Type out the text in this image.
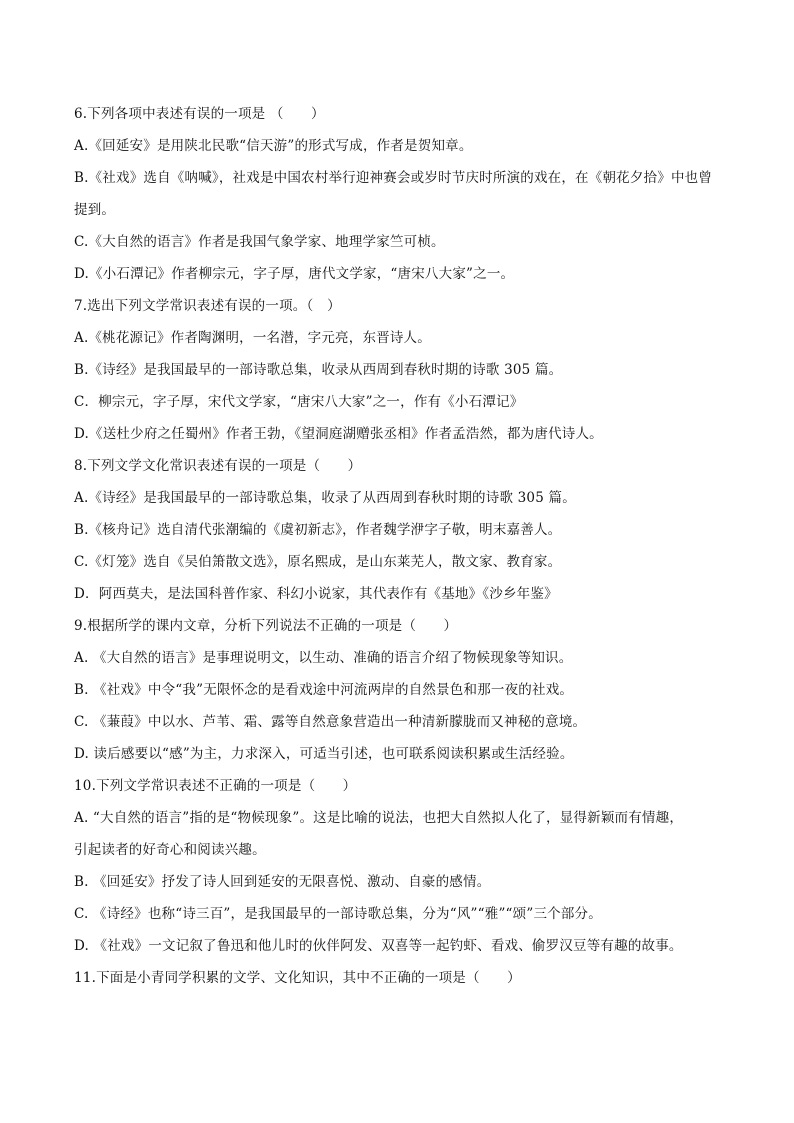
6.下列各项中表述有误的一项是 （　　）
A.《回延安》是用陕北民歌“信天游”的形式写成，作者是贺知章。
B.《社戏》选自《呐喊》，社戏是中国农村举行迎神赛会或岁时节庆时所演的戏在，在《朝花夕拾》中也曾
提到。
C.《大自然的语言》作者是我国气象学家、地理学家竺可桢。
D.《小石潭记》作者柳宗元，字子厚，唐代文学家，“唐宋八大家”之一。
7.选出下列文学常识表述有误的一项。（　）
A.《桃花源记》作者陶渊明，一名潜，字元亮，东晋诗人。
B.《诗经》是我国最早的一部诗歌总集，收录从西周到春秋时期的诗歌 305 篇。
C．柳宗元，字子厚，宋代文学家，“唐宋八大家”之一，作有《小石潭记》
D.《送杜少府之任蜀州》作者王勃，《望洞庭湖赠张丞相》作者孟浩然，都为唐代诗人。
8.下列文学文化常识表述有误的一项是（　　）
A.《诗经》是我国最早的一部诗歌总集，收录了从西周到春秋时期的诗歌 305 篇。
B.《核舟记》选自清代张潮编的《虞初新志》，作者魏学洢字子敬，明末嘉善人。
C.《灯笼》选自《吴伯箫散文选》，原名熙成，是山东莱芜人，散文家、教育家。
D．阿西莫夫，是法国科普作家、科幻小说家，其代表作有《基地》《沙乡年鉴》
9.根据所学的课内文章，分析下列说法不正确的一项是（　　）
A. 《大自然的语言》是事理说明文，以生动、准确的语言介绍了物候现象等知识。
B. 《社戏》中令“我”无限怀念的是看戏途中河流两岸的自然景色和那一夜的社戏。
C. 《蒹葭》中以水、芦苇、霜、露等自然意象营造出一种清新朦胧而又神秘的意境。
D. 读后感要以“感”为主，力求深入，可适当引述，也可联系阅读积累或生活经验。
10.下列文学常识表述不正确的一项是（　　）
A. “大自然的语言”指的是“物候现象”。这是比喻的说法，也把大自然拟人化了，显得新颖而有情趣，
引起读者的好奇心和阅读兴趣。
B. 《回延安》抒发了诗人回到延安的无限喜悦、激动、自豪的感情。
C. 《诗经》也称“诗三百”，是我国最早的一部诗歌总集，分为“风”“雅”“颂”三个部分。
D. 《社戏》一文记叙了鲁迅和他儿时的伙伴阿发、双喜等一起钓虾、看戏、偷罗汉豆等有趣的故事。
11.下面是小青同学积累的文学、文化知识，其中不正确的一项是（　　）
